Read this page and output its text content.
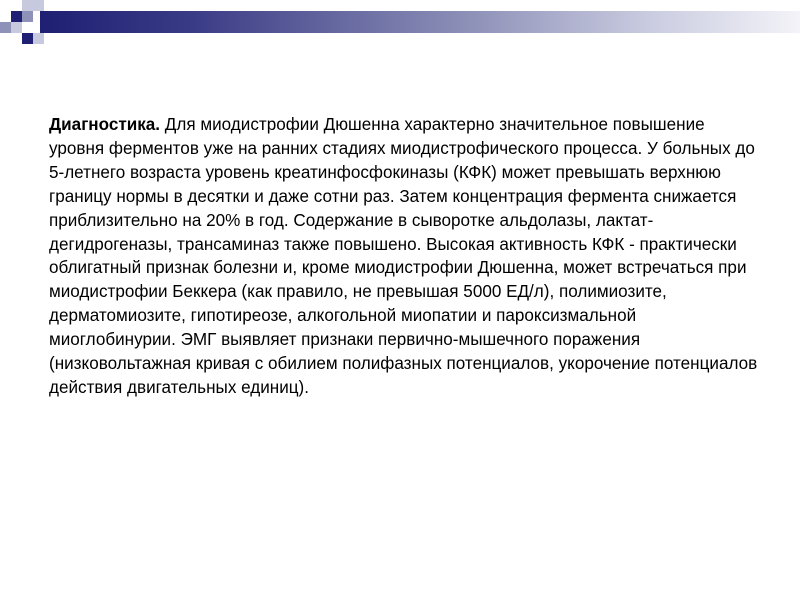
Диагностика. Для миодистрофии Дюшенна характерно значительное повышение уровня ферментов уже на ранних стадиях миодистрофического процесса. У больных до 5-летнего возраста уровень креатинфосфокиназы (КФК) может превышать верхнюю границу нормы в десятки и даже сотни раз. Затем концентрация фермента снижается приблизительно на 20% в год. Содержание в сыворотке альдолазы, лактат-дегидрогеназы, трансаминаз также повышено. Высокая активность КФК - практически облигатный признак болезни и, кроме миодистрофии Дюшенна, может встречаться при миодистрофии Беккера (как правило, не превышая 5000 ЕД/л), полимиозите, дерматомиозите, гипотиреозе, алкогольной миопатии и пароксизмальной миоглобинурии. ЭМГ выявляет признаки первично-мышечного поражения (низковольтажная кривая с обилием полифазных потенциалов, укорочение потенциалов действия двигательных единиц).
